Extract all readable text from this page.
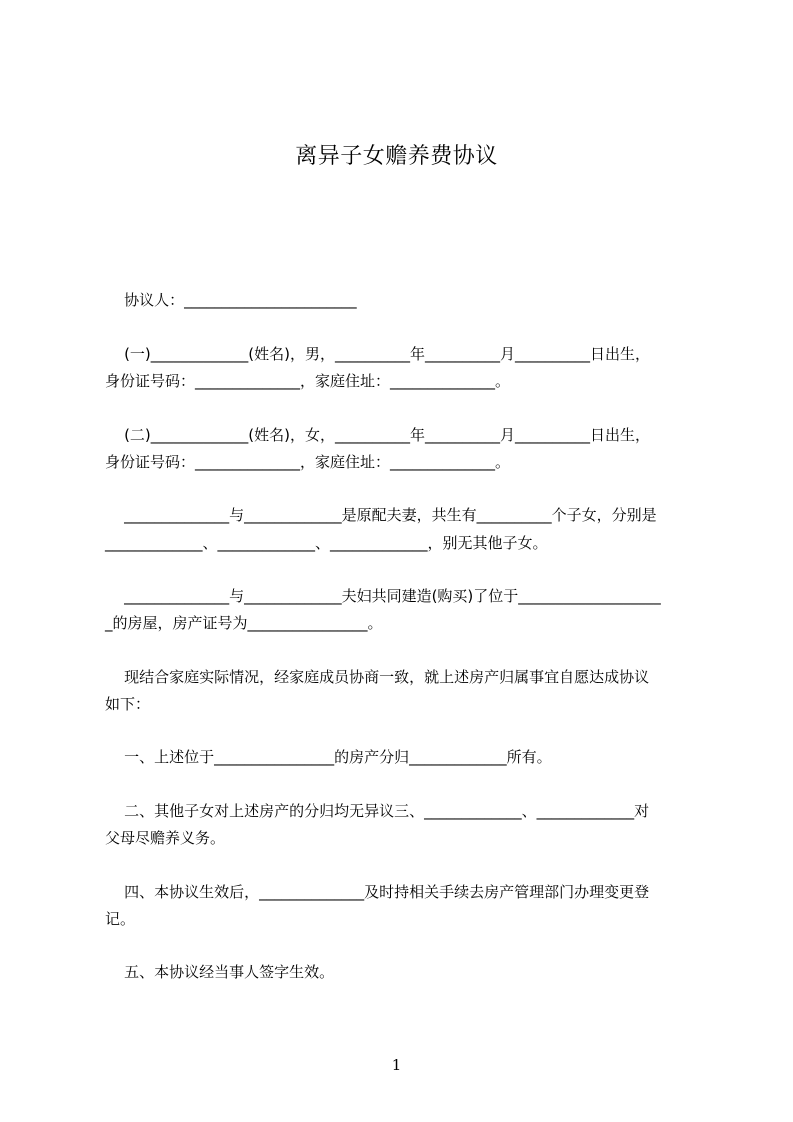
离异子女赡养费协议
协议人：_______________________
(一)_____________(姓名)，男，__________年__________月__________日出生，
身份证号码：______________，家庭住址：______________。
(二)_____________(姓名)，女，__________年__________月__________日出生，
身份证号码：______________，家庭住址：______________。
______________与_____________是原配夫妻，共生有__________个子女，分别是
_____________、_____________、_____________，别无其他子女。
______________与_____________夫妇共同建造(购买)了位于___________________
_的房屋，房产证号为________________。
现结合家庭实际情况，经家庭成员协商一致，就上述房产归属事宜自愿达成协议
如下：
一、上述位于________________的房产分归_____________所有。
二、其他子女对上述房产的分归均无异议三、_____________、_____________对
父母尽赡养义务。
四、本协议生效后，______________及时持相关手续去房产管理部门办理变更登
记。
五、本协议经当事人签字生效。
1
